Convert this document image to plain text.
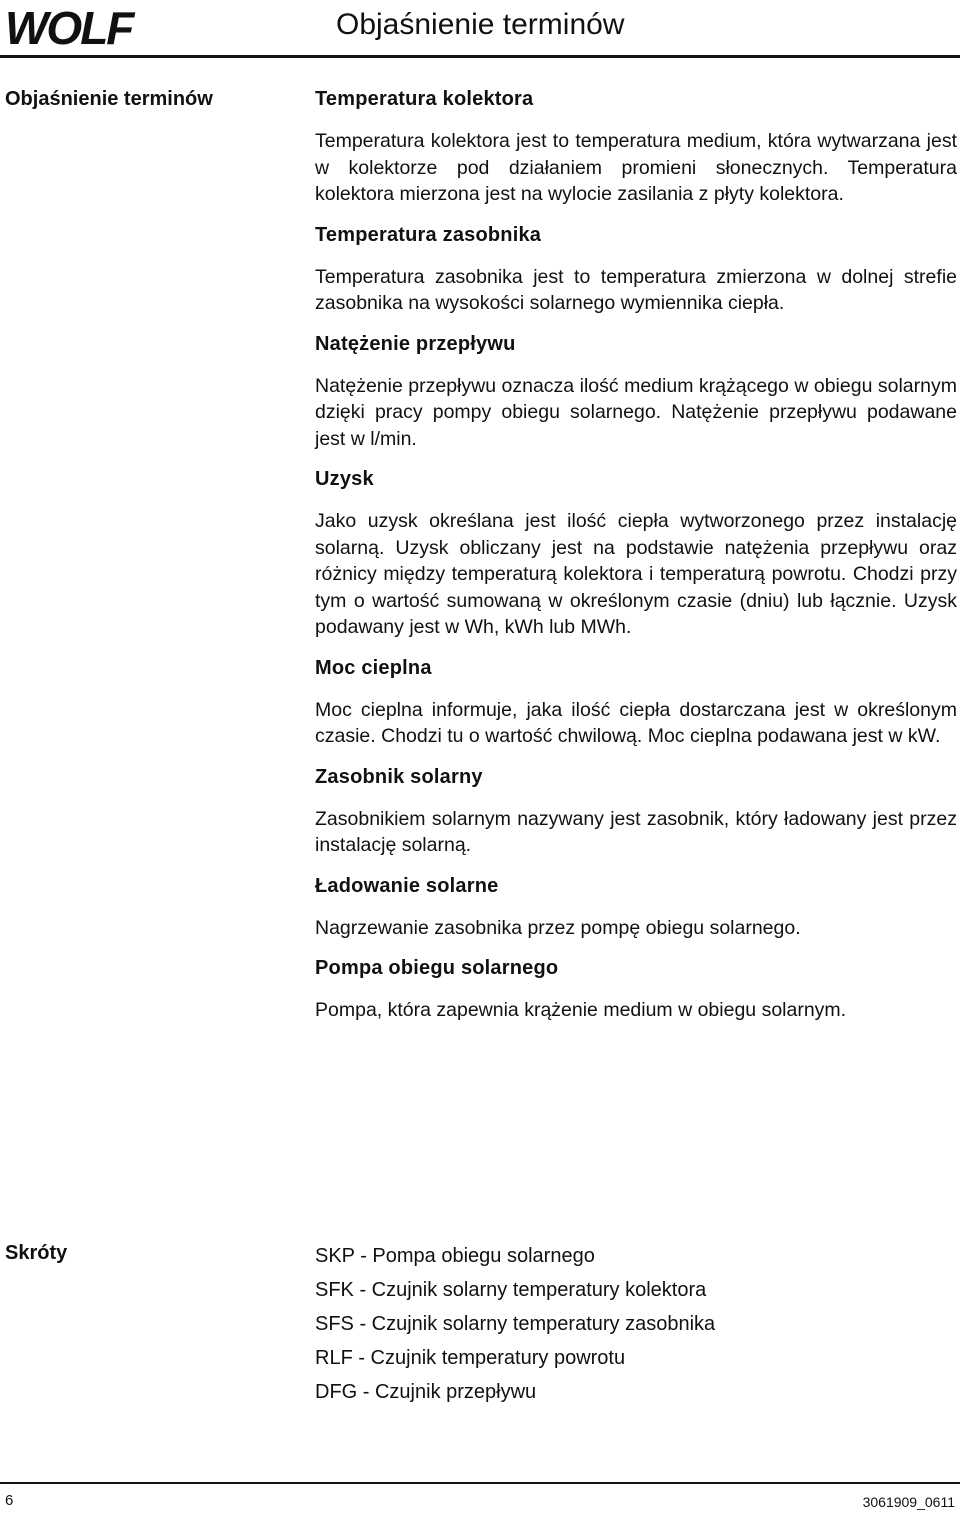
WOLF	Objaśnienie terminów
Objaśnienie terminów	Temperatura kolektora

Temperatura kolektora jest to temperatura medium, która wytwarzana jest w kolektorze pod działaniem promieni słonecznych. Temperatura kolektora mierzona jest na wylocie zasilania z płyty kolektora.

Temperatura zasobnika

Temperatura zasobnika jest to temperatura zmierzona w dolnej strefie zasobnika na wysokości solarnego wymiennika ciepła.

Natężenie przepływu

Natężenie przepływu oznacza ilość medium krążącego w obiegu solarnym dzięki pracy pompy obiegu solarnego. Natężenie przepływu podawane jest w l/min.

Uzysk

Jako uzysk określana jest ilość ciepła wytworzonego przez instalację solarną. Uzysk obliczany jest na podstawie natężenia przepływu oraz różnicy między temperaturą kolektora i temperaturą powrotu. Chodzi przy tym o wartość sumowaną w określonym czasie (dniu) lub łącznie. Uzysk podawany jest w Wh, kWh lub MWh.

Moc cieplna

Moc cieplna informuje, jaka ilość ciepła dostarczana jest w określonym czasie. Chodzi tu o wartość chwilową. Moc cieplna podawana jest w kW.

Zasobnik solarny

Zasobnikiem solarnym nazywany jest zasobnik, który ładowany jest przez instalację solarną.

Ładowanie solarne

Nagrzewanie zasobnika przez pompę obiegu solarnego.

Pompa obiegu solarnego

Pompa, która zapewnia krążenie medium w obiegu solarnym.

Skróty	SKP - Pompa obiegu solarnego
SFK - Czujnik solarny temperatury kolektora
SFS - Czujnik solarny temperatury zasobnika
RLF - Czujnik temperatury powrotu
DFG - Czujnik przepływu
6	3061909_0611
